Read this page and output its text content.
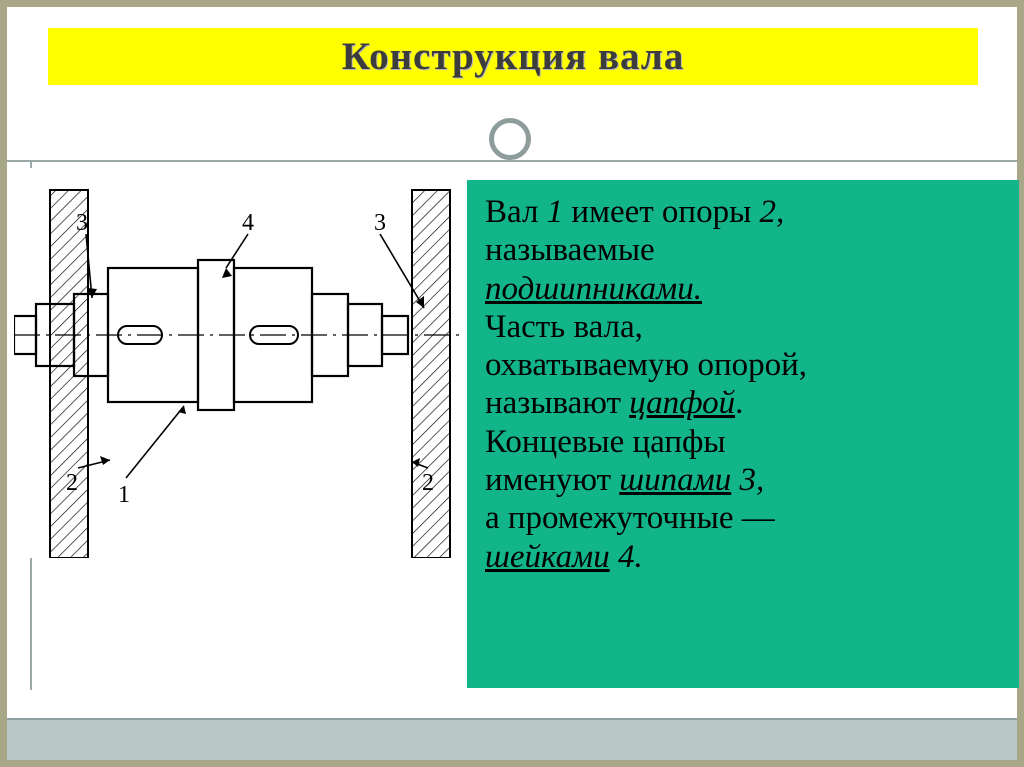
Конструкция вала
3	4	3
2 1	2

Вал 1 имеет опоры 2,

называемые

подшипниками.

Часть вала,

охватываемую опорой,

называют цапфой.

Концевые цапфы

именуют шипами 3,

а промежуточные —

шейками 4.
